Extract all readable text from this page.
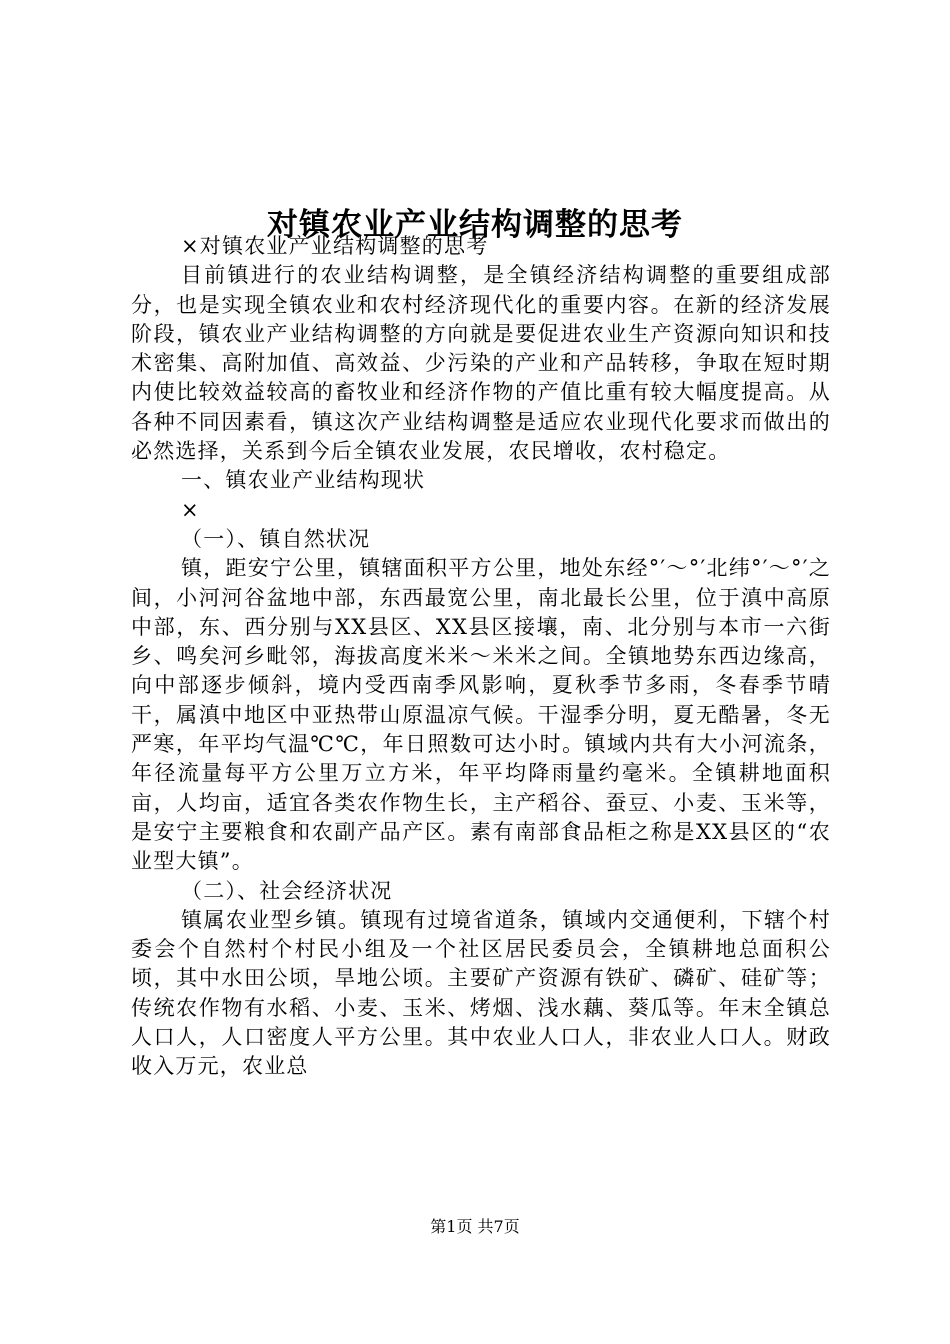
对镇农业产业结构调整的思考

×对镇农业产业结构调整的思考

目前镇进行的农业结构调整，是全镇经济结构调整的重要组成部分，也是实现全镇农业和农村经济现代化的重要内容。在新的经济发展阶段，镇农业产业结构调整的方向就是要促进农业生产资源向知识和技术密集、高附加值、高效益、少污染的产业和产品转移，争取在短时期内使比较效益较高的畜牧业和经济作物的产值比重有较大幅度提高。从各种不同因素看，镇这次产业结构调整是适应农业现代化要求而做出的必然选择，关系到今后全镇农业发展，农民增收，农村稳定。

一、镇农业产业结构现状

×

（一）、镇自然状况

镇，距安宁公里，镇辖面积平方公里，地处东经°′～°′北纬°′～°′之间，小河河谷盆地中部，东西最宽公里，南北最长公里，位于滇中高原中部，东、西分别与XX县区、XX县区接壤，南、北分别与本市一六街乡、鸣矣河乡毗邻，海拔高度米米～米米之间。全镇地势东西边缘高，向中部逐步倾斜，境内受西南季风影响，夏秋季节多雨，冬春季节晴干，属滇中地区中亚热带山原温凉气候。干湿季分明，夏无酷暑，冬无严寒，年平均气温℃℃，年日照数可达小时。镇域内共有大小河流条，年径流量每平方公里万立方米，年平均降雨量约毫米。全镇耕地面积亩，人均亩，适宜各类农作物生长，主产稻谷、蚕豆、小麦、玉米等，是安宁主要粮食和农副产品产区。素有南部食品柜之称是XX县区的“农业型大镇”。

（二）、社会经济状况

镇属农业型乡镇。镇现有过境省道条，镇域内交通便利，下辖个村委会个自然村个村民小组及一个社区居民委员会，全镇耕地总面积公顷，其中水田公顷，旱地公顷。主要矿产资源有铁矿、磷矿、硅矿等；传统农作物有水稻、小麦、玉米、烤烟、浅水藕、葵瓜等。年末全镇总人口人，人口密度人平方公里。其中农业人口人，非农业人口人。财政收入万元，农业总

第1页 共7页
